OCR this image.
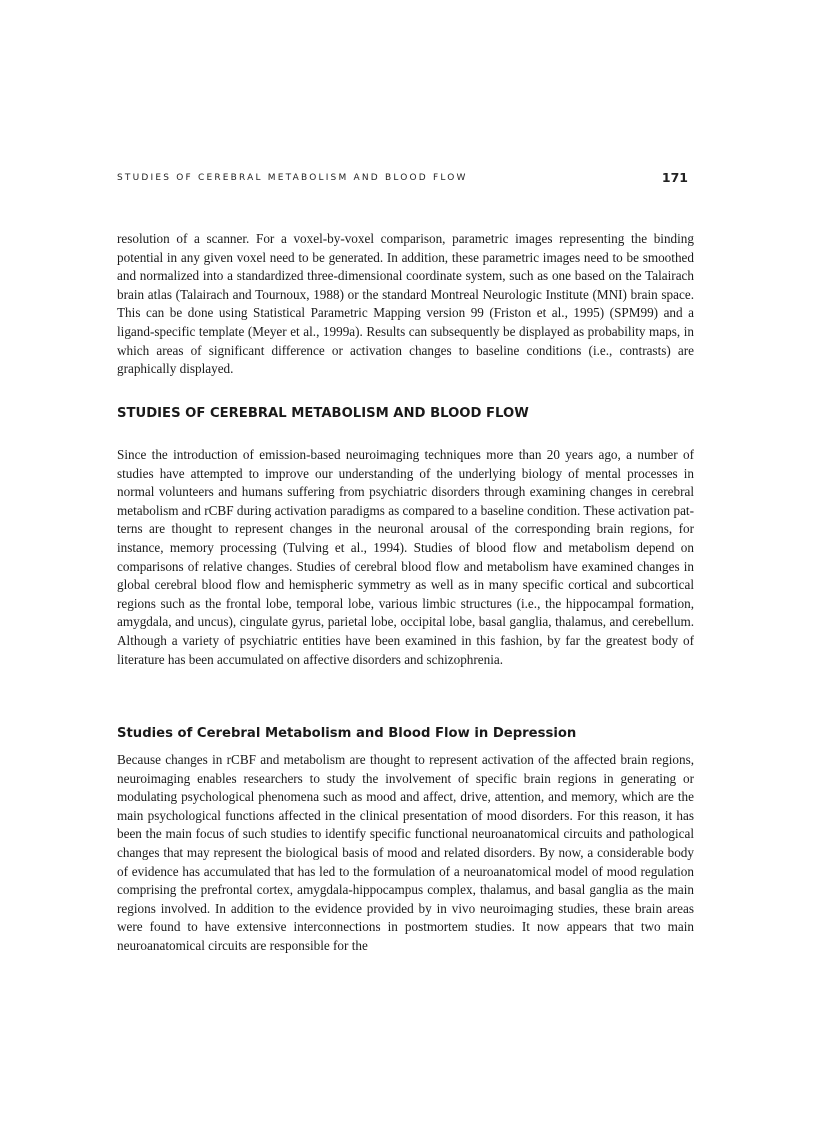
STUDIES OF CEREBRAL METABOLISM AND BLOOD FLOW	171

resolution of a scanner. For a voxel-by-voxel comparison, parametric images representing the binding potential in any given voxel need to be generated. In addition, these parametric images need to be smoothed and normalized into a standardized three-dimensional coordinate system, such as one based on the Talairach brain atlas (Talairach and Tournoux, 1988) or the standard Montreal Neurologic Institute (MNI) brain space. This can be done using Statistical Parametric Mapping version 99 (Friston et al., 1995) (SPM99) and a ligand-specific template (Meyer et al., 1999a). Results can subsequently be displayed as probability maps, in which areas of significant difference or activation changes to baseline conditions (i.e., contrasts) are graphically displayed.

STUDIES OF CEREBRAL METABOLISM AND BLOOD FLOW

Since the introduction of emission-based neuroimaging techniques more than 20 years ago, a number of studies have attempted to improve our understanding of the underlying biology of mental processes in normal volunteers and humans suffering from psychiatric disorders through examining changes in cerebral metabolism and rCBF during activation paradigms as compared to a baseline condition. These activation patterns are thought to represent changes in the neuronal arousal of the corresponding brain regions, for instance, memory processing (Tulving et al., 1994). Studies of blood flow and metabolism depend on comparisons of relative changes. Studies of cerebral blood flow and metabolism have examined changes in global cerebral blood flow and hemispheric symmetry as well as in many specific cortical and subcortical regions such as the frontal lobe, temporal lobe, various limbic structures (i.e., the hippocampal formation, amygdala, and uncus), cingulate gyrus, parietal lobe, occipital lobe, basal ganglia, thalamus, and cerebellum. Although a variety of psychiatric entities have been examined in this fashion, by far the greatest body of literature has been accumulated on affective disorders and schizophrenia.

Studies of Cerebral Metabolism and Blood Flow in Depression

Because changes in rCBF and metabolism are thought to represent activation of the affected brain regions, neuroimaging enables researchers to study the involvement of specific brain regions in generating or modulating psychological phenomena such as mood and affect, drive, attention, and memory, which are the main psychological functions affected in the clinical presentation of mood disorders. For this reason, it has been the main focus of such studies to identify specific functional neuroanatomical circuits and pathological changes that may represent the biological basis of mood and related disorders. By now, a considerable body of evidence has accumulated that has led to the formulation of a neuroanatomical model of mood regulation comprising the prefrontal cortex, amygdala-hippocampus complex, thalamus, and basal ganglia as the main regions involved. In addition to the evidence provided by in vivo neuroimaging studies, these brain areas were found to have extensive interconnections in postmortem studies. It now appears that two main neuroanatomical circuits are responsible for the
